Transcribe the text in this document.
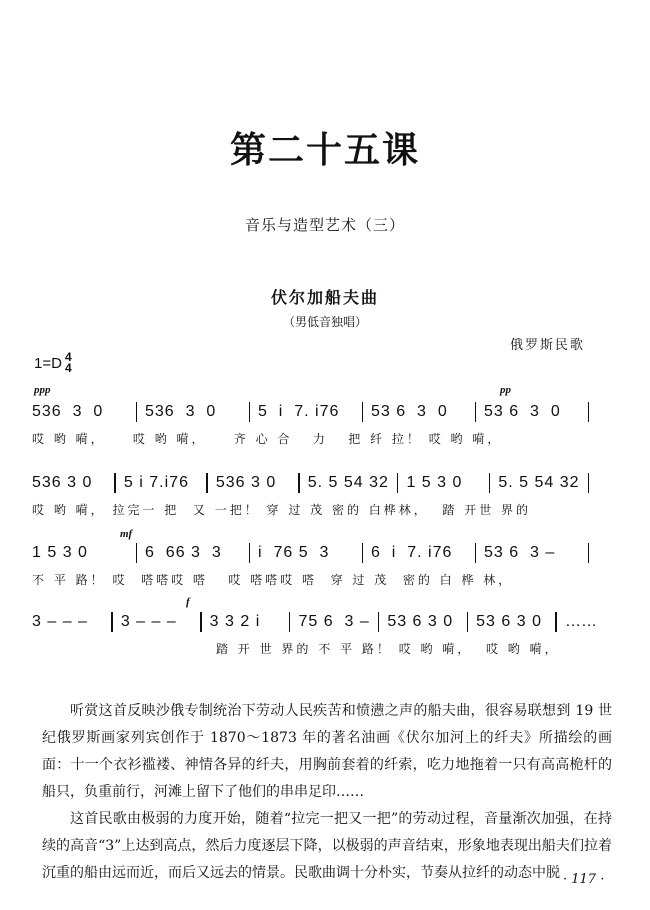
第二十五课
音乐与造型艺术（三）
伏尔加船夫曲
（男低音独唱）
俄罗斯民歌
1=D 4
4
ppp	pp
mf
f
536  3  0	536  3  0	5  i  7. i76	53 6  3  0	53 6  3  0
哎 哟 嗬，    哎 哟 嗬，    齐 心 合   力   把 纤 拉！ 哎 哟 嗬，
536 3 0	5 i 7.i76	536 3 0	5. 5 54 32 1 5 3 0	5. 5 54 32
哎 哟 嗬， 拉完一 把  又 一把！ 穿 过 茂 密的 白桦林，  踏 开世 界的
1 5 3 0	6  66 3  3	i  76 5  3	6  i  7. i76	53 6  3 –
不 平 路！ 哎  嗒嗒哎 嗒   哎 嗒嗒哎 嗒  穿 过 茂  密的 白 桦 林，
3 – – –	3 – – –	3 3 2 i	75 6  3 – 53 6 3 0	53 6 3 0	……
踏 开 世 界的 不 平 路！ 哎 哟 嗬，  哎 哟 嗬，
听赏这首反映沙俄专制统治下劳动人民疾苦和愤懑之声的船夫曲，很容易联想到 19 世纪俄罗斯画家列宾创作于 1870～1873 年的著名油画《伏尔加河上的纤夫》所描绘的画面：十一个衣衫褴褛、神情各异的纤夫，用胸前套着的纤索，吃力地拖着一只有高高桅杆的船只，负重前行，河滩上留下了他们的串串足印……
这首民歌由极弱的力度开始，随着“拉完一把又一把”的劳动过程，音量渐次加强，在持续的高音“3”上达到高点，然后力度逐层下降，以极弱的声音结束，形象地表现出船夫们拉着沉重的船由远而近，而后又远去的情景。民歌曲调十分朴实，节奏从拉纤的动态中脱 · 117 ·
